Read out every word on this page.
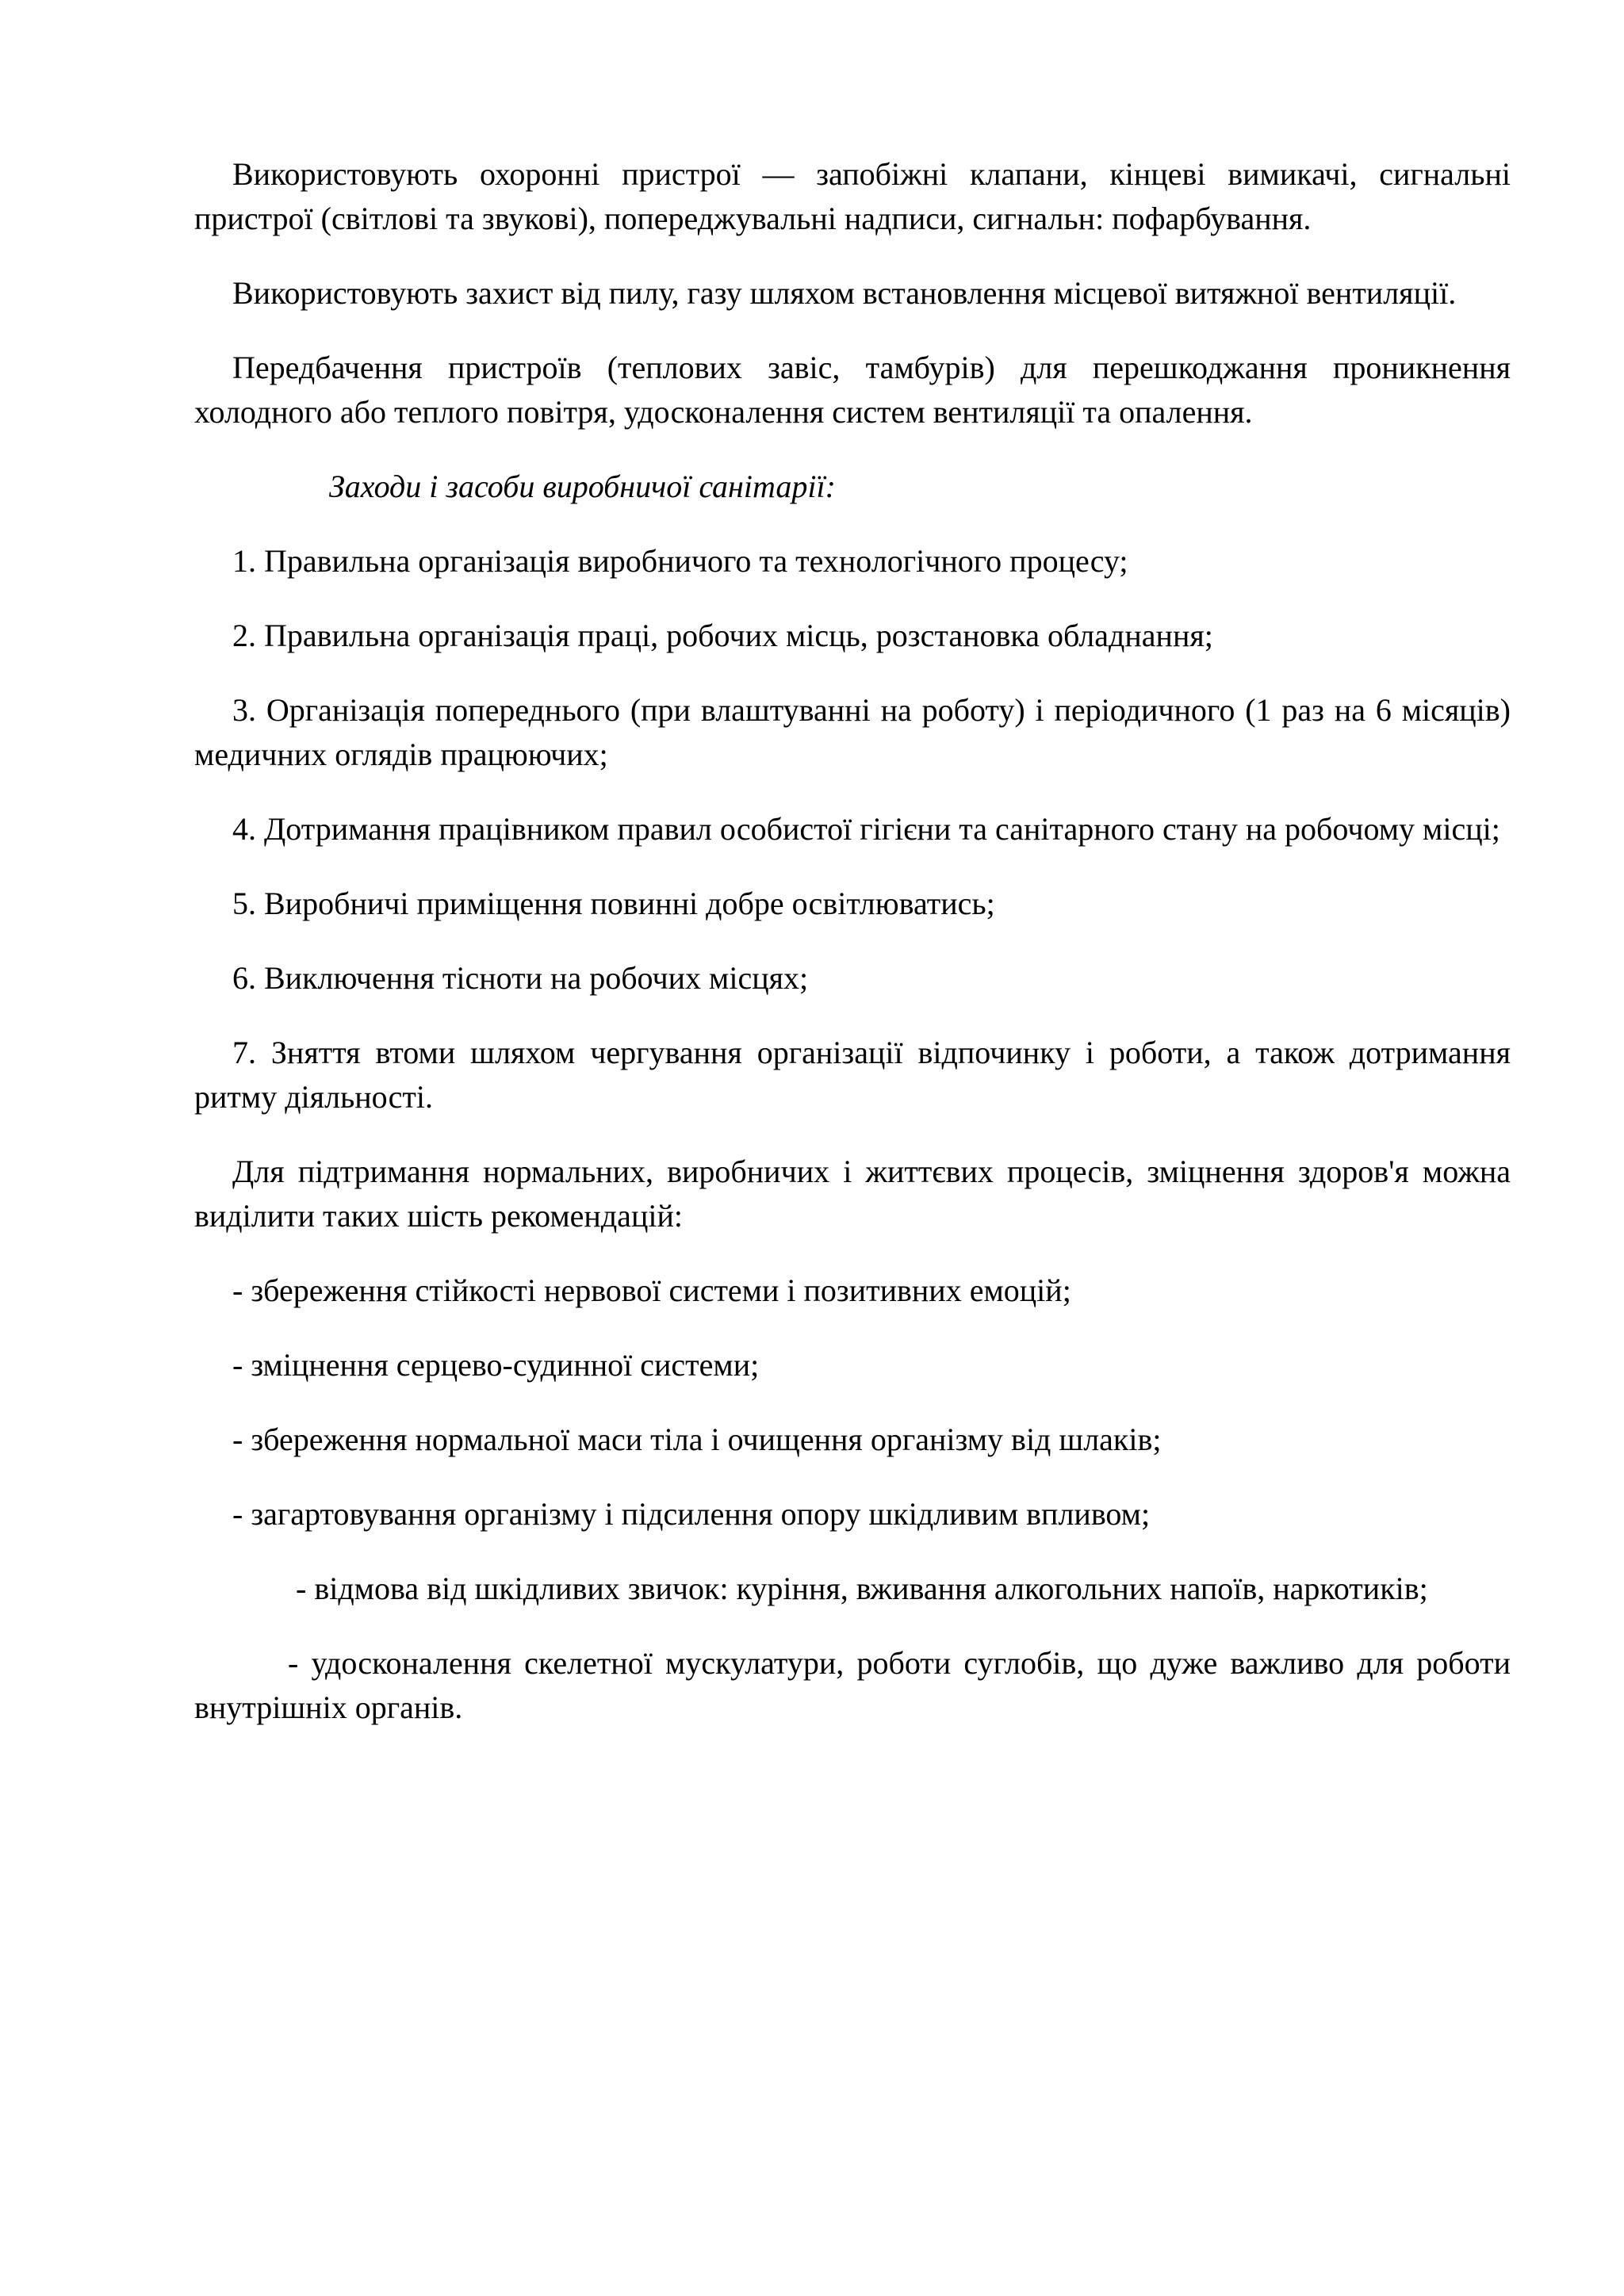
Використовують охоронні пристрої — запобіжні клапани, кінцеві вимикачі, сигнальні пристрої (світлові та звукові), попереджувальні надписи, сигнальн: пофарбування.

Використовують захист від пилу, газу шляхом встановлення місцевої витяжної вентиляції.

Передбачення пристроїв (теплових завіс, тамбурів) для перешкоджання проникнення холодного або теплого повітря, удосконалення систем вентиляції та опалення.

Заходи і засоби виробничої санітарії:

1. Правильна організація виробничого та технологічного процесу;

2. Правильна організація праці, робочих місць, розстановка обладнання;

3. Організація попереднього (при влаштуванні на роботу) і періодичного (1 раз на 6 місяців) медичних оглядів працюючих;

4. Дотримання працівником правил особистої гігієни та санітарного стану на робочому місці;

5. Виробничі приміщення повинні добре освітлюватись;

6. Виключення тісноти на робочих місцях;

7. Зняття втоми шляхом чергування організації відпочинку і роботи, а також дотримання ритму діяльності.

Для підтримання нормальних, виробничих і життєвих процесів, зміцнення здоров'я можна виділити таких шість рекомендацій:

- збереження стійкості нервової системи і позитивних емоцій;

- зміцнення серцево-судинної системи;

- збереження нормальної маси тіла і очищення організму від шлаків;

- загартовування організму і підсилення опору шкідливим впливом;

- відмова від шкідливих звичок: куріння, вживання алкогольних напоїв, наркотиків;

- удосконалення скелетної мускулатури, роботи суглобів, що дуже важливо для роботи внутрішніх органів.
